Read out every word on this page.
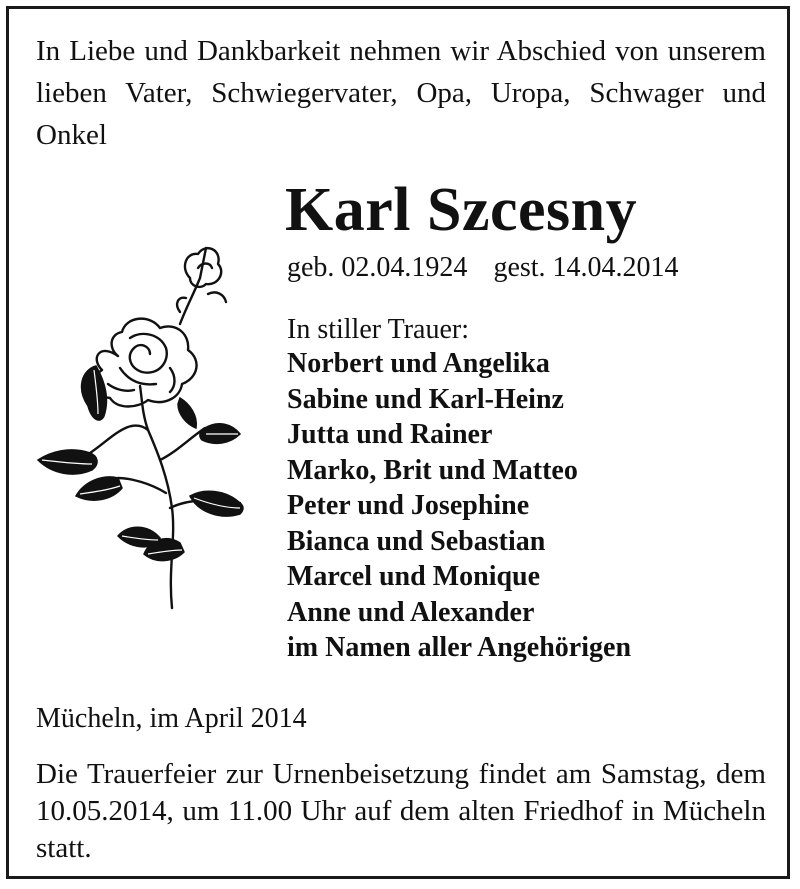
In Liebe und Dankbarkeit nehmen wir Abschied von unserem lieben Vater, Schwiegervater, Opa, Uropa, Schwager und Onkel
Karl Szcesny
geb. 02.04.1924 gest. 14.04.2014
In stiller Trauer:
Norbert und Angelika
Sabine und Karl-Heinz
Jutta und Rainer
Marko, Brit und Matteo
Peter und Josephine
Bianca und Sebastian
Marcel und Monique
Anne und Alexander
im Namen aller Angehörigen
Mücheln, im April 2014
Die Trauerfeier zur Urnenbeisetzung findet am Samstag, dem 10.05.2014, um 11.00 Uhr auf dem alten Friedhof in Mücheln statt.
